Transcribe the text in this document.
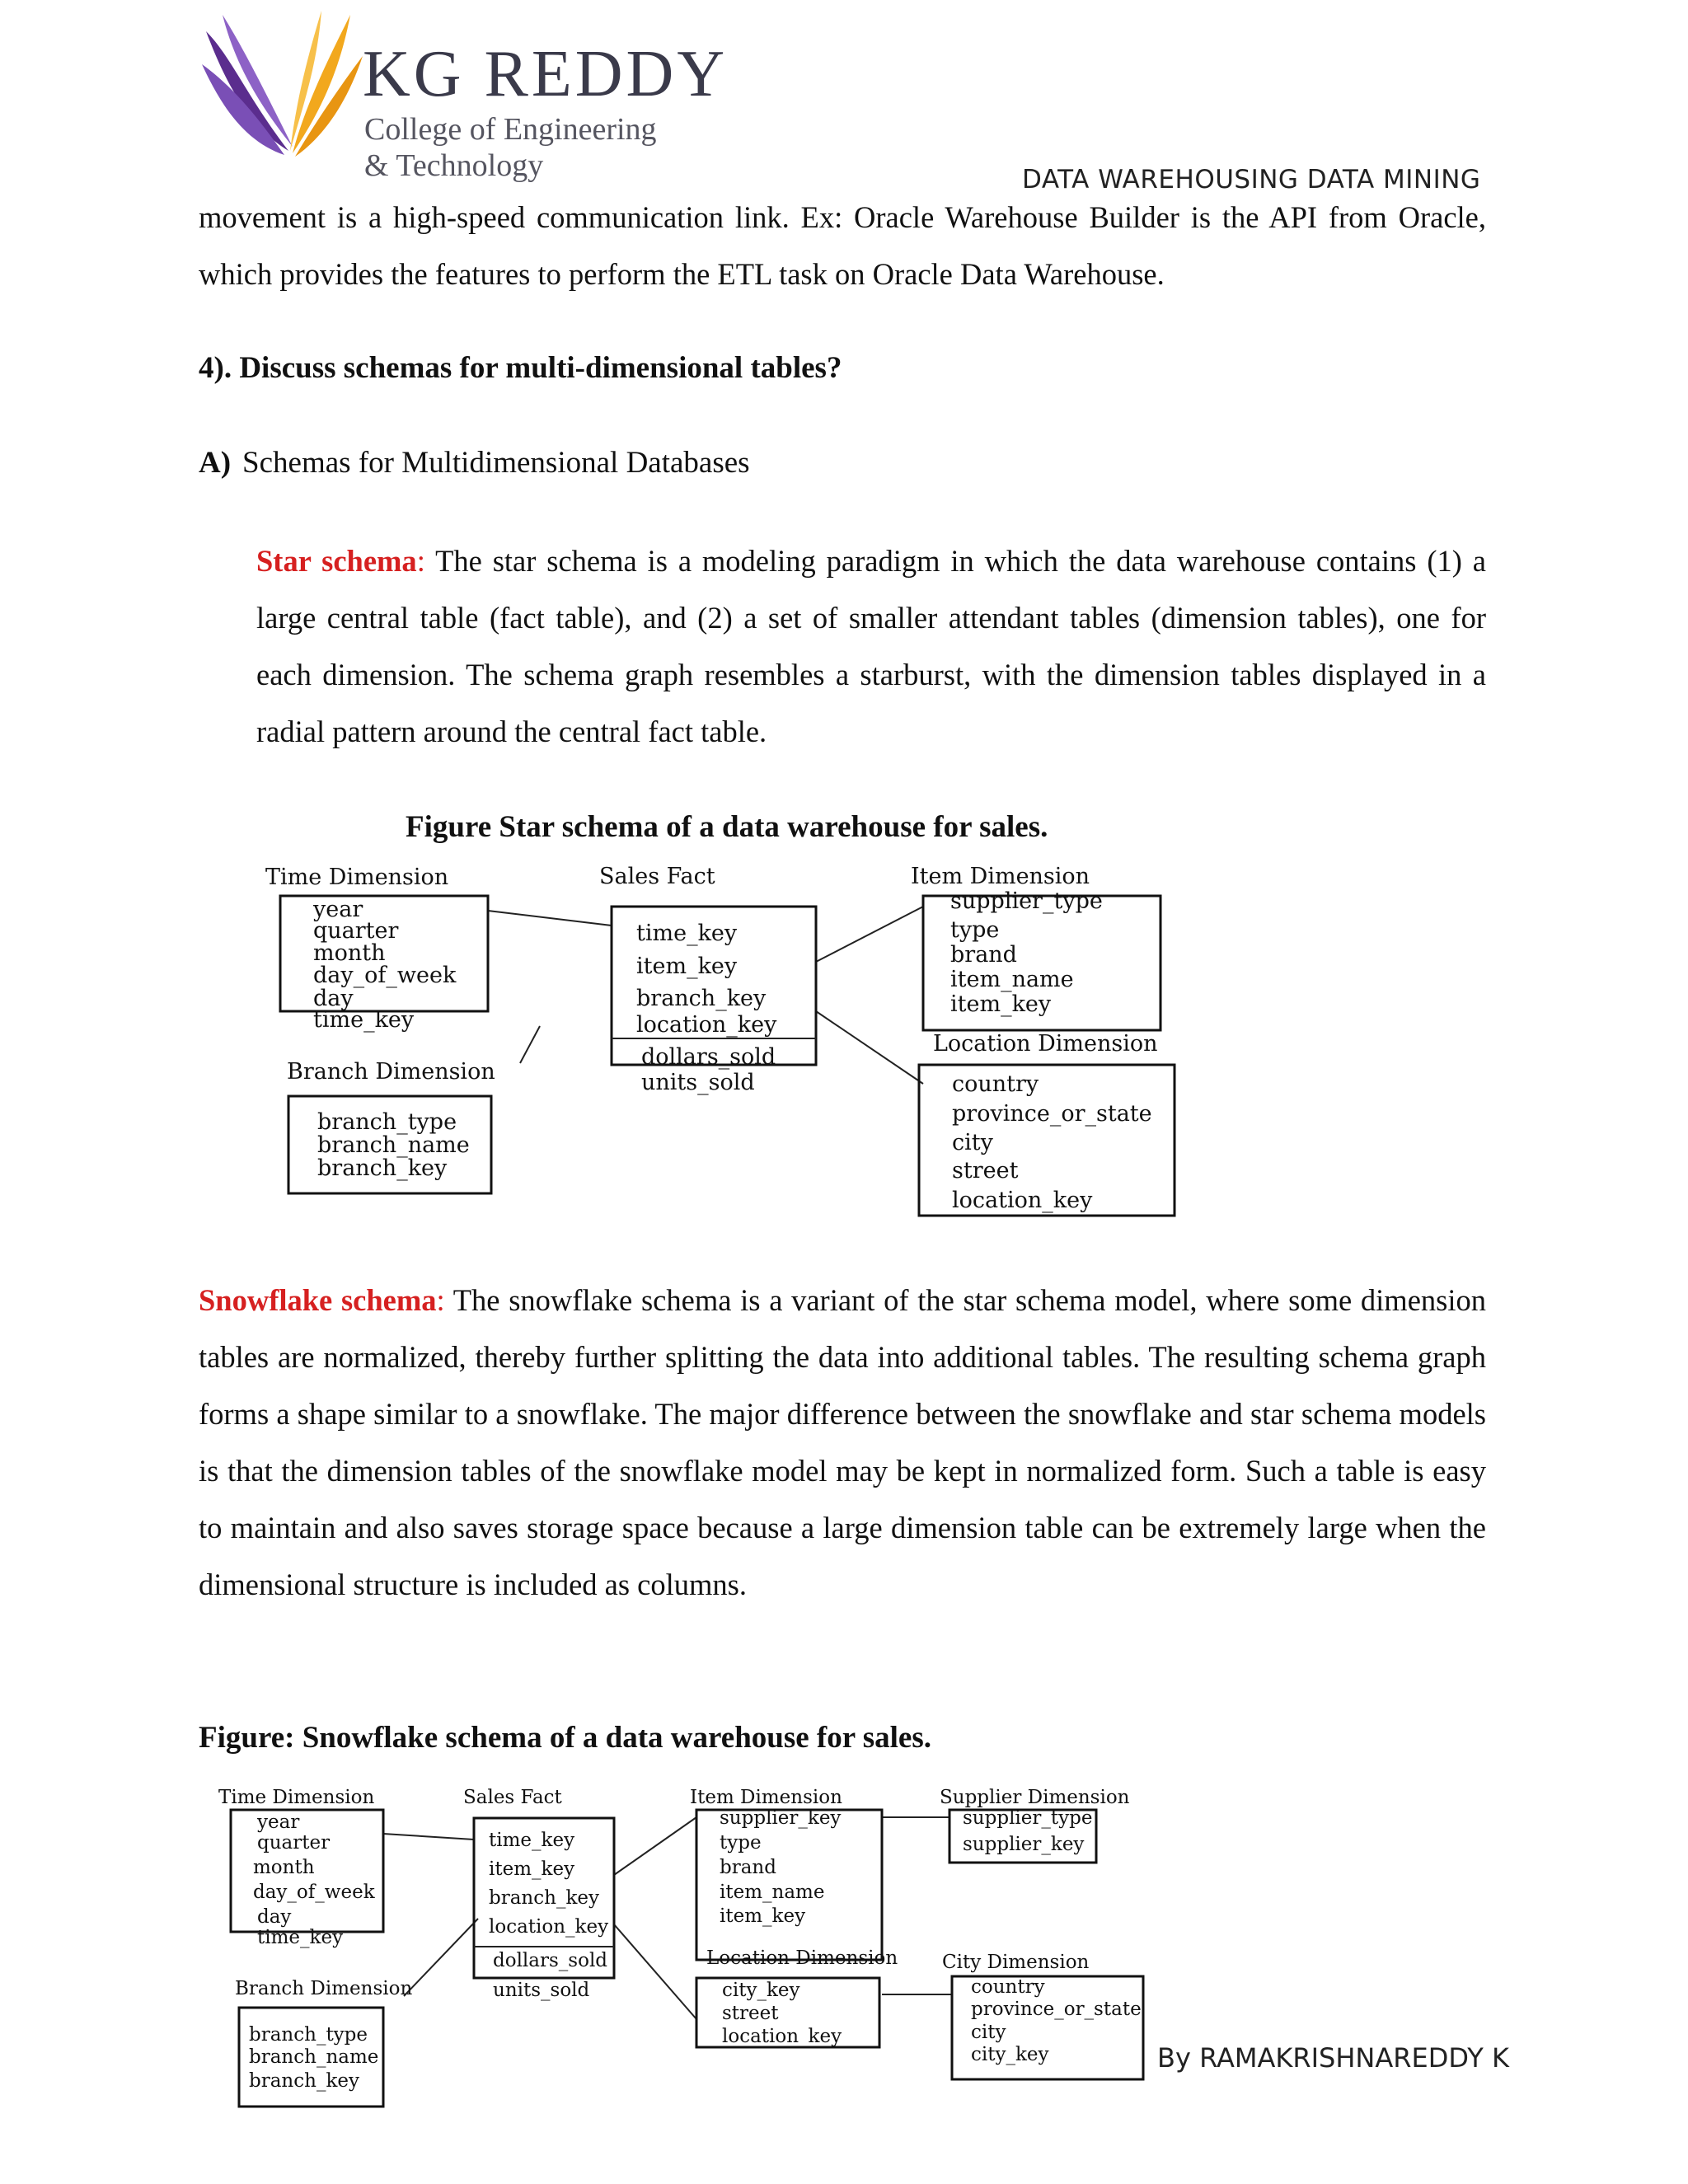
KG REDDY
College of Engineering
& Technology	DATA WAREHOUSING DATA MINING

movement is a high-speed communication link. Ex: Oracle Warehouse Builder is the API from Oracle, which provides the features to perform the ETL task on Oracle Data Warehouse.

4). Discuss schemas for multi-dimensional tables?
A) Schemas for Multidimensional Databases

Star schema: The star schema is a modeling paradigm in which the data warehouse contains (1) a large central table (fact table), and (2) a set of smaller attendant tables (dimension tables), one for each dimension. The schema graph resembles a starburst, with the dimension tables displayed in a radial pattern around the central fact table.

Figure Star schema of a data warehouse for sales.
Time Dimension
year
quarter
month
day_of_week
day
time_key
Branch Dimension
branch_type
branch_name
branch_key
Sales Fact
time_key
item_key
branch_key
location_key
dollars_sold
units_sold
Item Dimension
supplier_type
type
brand
item_name
item_key
Location Dimension
country
province_or_state
city
street
location_key

Snowflake schema: The snowflake schema is a variant of the star schema model, where some dimension tables are normalized, thereby further splitting the data into additional tables. The resulting schema graph forms a shape similar to a snowflake. The major difference between the snowflake and star schema models is that the dimension tables of the snowflake model may be kept in normalized form. Such a table is easy to maintain and also saves storage space because a large dimension table can be extremely large when the dimensional structure is included as columns.

Figure: Snowflake schema of a data warehouse for sales.
Time Dimension
year
quarter
month
day_of_week
day
time_key
Branch Dimension
branch_type
branch_name
branch_key
Sales Fact
time_key
item_key
branch_key
location_key
dollars_sold
units_sold
Item Dimension
supplier_key
type
brand
item_name
item_key
Supplier Dimension
supplier_type
supplier_key
Location Dimension
city_key
street
location_key
City Dimension
country
province_or_state
city
city_key	By RAMAKRISHNAREDDY K
